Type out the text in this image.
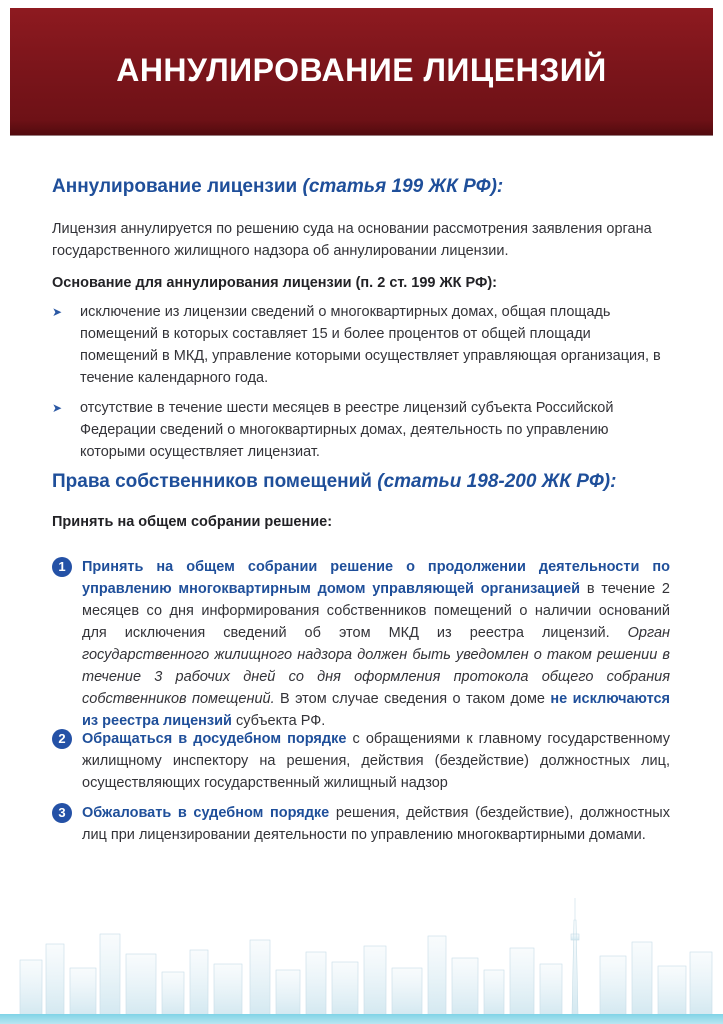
АННУЛИРОВАНИЕ ЛИЦЕНЗИЙ
Аннулирование лицензии (статья 199 ЖК РФ):

Лицензия аннулируется по решению суда на основании рассмотрения заявления органа государственного жилищного надзора об аннулировании лицензии.

Основание для аннулирования лицензии (п. 2 ст. 199 ЖК РФ):

➤ исключение из лицензии сведений о многоквартирных домах, общая площадь помещений в которых составляет 15 и более процентов от общей площади помещений в МКД, управление которыми осуществляет управляющая организация, в течение календарного года.
➤ отсутствие в течение шести месяцев в реестре лицензий субъекта Российской Федерации сведений о многоквартирных домах, деятельность по управлению которыми осуществляет лицензиат.
Права собственников помещений (статьи 198-200 ЖК РФ):

Принять на общем собрании решение:

1	Принять на общем собрании решение о продолжении деятельности по управлению многоквартирным домом управляющей организацией в течение 2 месяцев со дня информирования собственников помещений о наличии оснований для исключения сведений об этом МКД из реестра лицензий. Орган государственного жилищного надзора должен быть уведомлен о таком решении в течение 3 рабочих дней со дня оформления протокола общего собрания собственников помещений. В этом случае сведения о таком доме не исключаются из реестра лицензий субъекта РФ.
2	Обращаться в досудебном порядке с обращениями к главному государственному жилищному инспектору на решения, действия (бездействие) должностных лиц, осуществляющих государственный жилищный надзор
3	Обжаловать в судебном порядке решения, действия (бездействие), должностных лиц при лицензировании деятельности по управлению многоквартирными домами.
